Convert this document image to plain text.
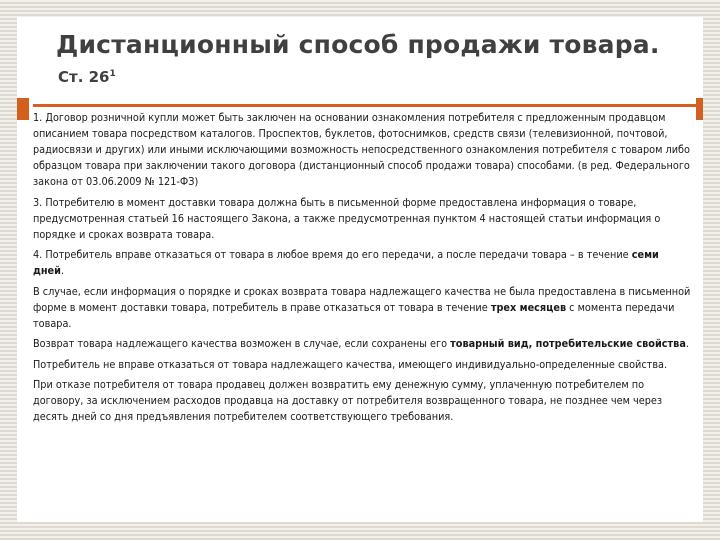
Дистанционный способ продажи товара.
Ст. $26^1$

1. Договор розничной купли может быть заключен на основании ознакомления потребителя с предложенным продавцом описанием товара посредством каталогов. Проспектов, буклетов, фотоснимков, средств связи (телевизионной, почтовой, радиосвязи и других) или иными исключающими возможность непосредственного ознакомления потребителя с товаром либо образцом товара при заключении такого договора (дистанционный способ продажи товара) способами. (в ред. Федерального закона от 03.06.2009 № 121-ФЗ)

3. Потребителю в момент доставки товара должна быть в письменной форме предоставлена информация о товаре, предусмотренная статьей 16 настоящего Закона, а также предусмотренная пунктом 4 настоящей статьи информация о порядке и сроках возврата товара.

4. Потребитель вправе отказаться от товара в любое время до его передачи, а после передачи товара – в течение семи дней.

В случае, если информация о порядке и сроках возврата товара надлежащего качества не была предоставлена в письменной форме в момент доставки товара, потребитель в праве отказаться от товара в течение трех месяцев с момента передачи товара.

Возврат товара надлежащего качества возможен в случае, если сохранены его товарный вид, потребительские свойства.

Потребитель не вправе отказаться от товара надлежащего качества, имеющего индивидуально-определенные свойства.

При отказе потребителя от товара продавец должен возвратить ему денежную сумму, уплаченную потребителем по договору, за исключением расходов продавца на доставку от потребителя возвращенного товара, не позднее чем через десять дней со дня предъявления потребителем соответствующего требования.
